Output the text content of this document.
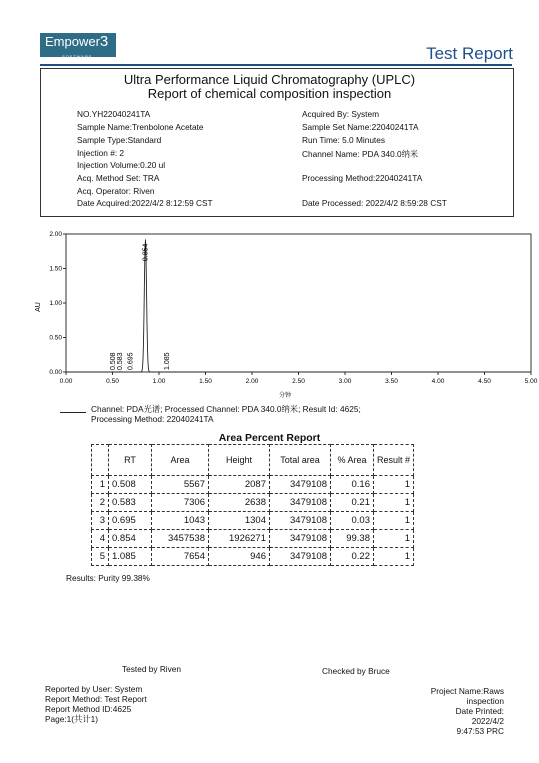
Empower3
SOFTWARE	Test Report
Ultra Performance Liquid Chromatography (UPLC)
Report of chemical composition inspection
NO.YH22040241TA
Sample Name:Trenbolone Acetate
Sample Type:Standard
Injection #: 2
Injection Volume:0.20 ul
Acq. Method Set: TRA
Acq. Operator: Riven
Date Acquired:2022/4/2 8:12:59 CST
Acquired By: System
Sample Set Name:22040241TA
Run Time: 5.0 Minutes
Channel Name: PDA 340.0纳米
Processing Method:22040241TA
Date Processed: 2022/4/2 8:59:28 CST
0.00	0.50	1.00	1.50	2.00	2.50	3.00	3.50	4.00	4.50	5.00
0.00
0.50
1.00
1.50
2.00
0.508 0.583 0.695
0.854
1.085
AU
分钟
Channel: PDA光谱; Processed Channel: PDA 340.0纳米; Result Id: 4625;
Processing Method: 22040241TA
Area Percent Report
	RT	Area	Height	Total area	% Area	Result #
1	0.508	5567	2087	3479108	0.16	1
2	0.583	7306	2638	3479108	0.21	1
3	0.695	1043	1304	3479108	0.03	1
4	0.854	3457538	1926271	3479108	99.38	1
5	1.085	7654	946	3479108	0.22	1
Results: Purity 99.38%
Tested by Riven	Checked by Bruce
Reported by User: System
Report Method: Test Report
Report Method ID:4625
Page:1(共计1)
Project Name:Raws
inspection
Date Printed:
2022/4/2
9:47:53 PRC
